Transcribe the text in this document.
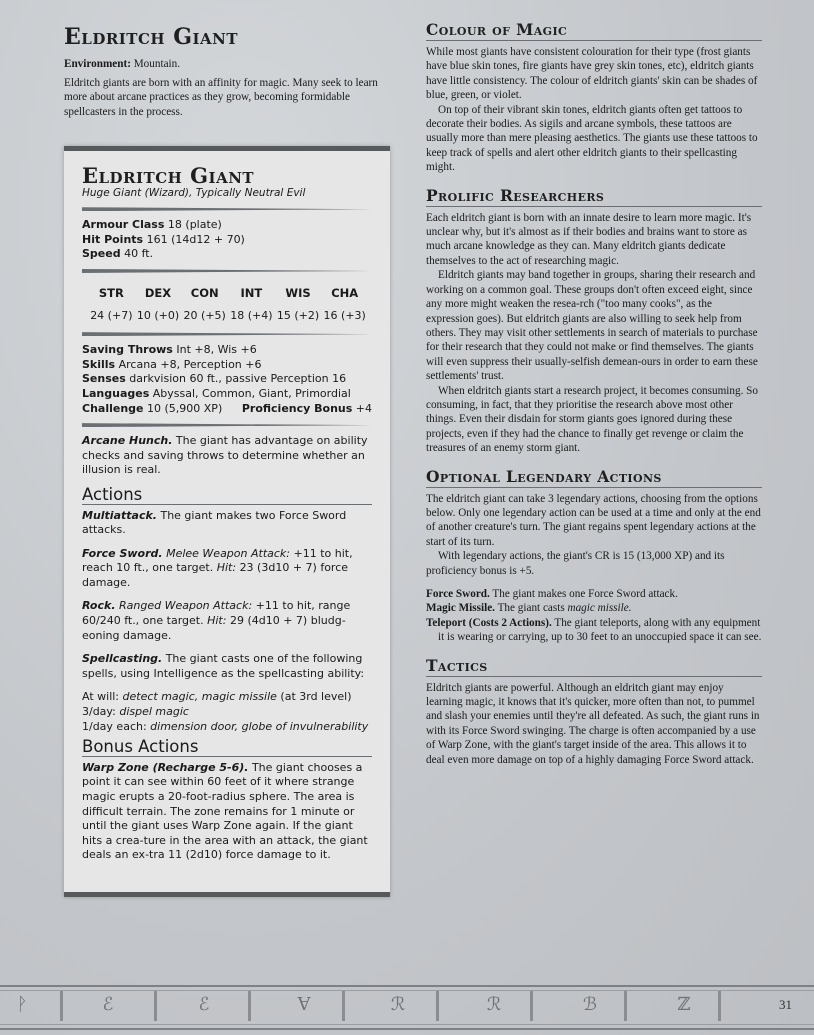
Eldritch Giant

Environment: Mountain.

Eldritch giants are born with an affinity for magic. Many seek to learn more about arcane practices as they grow, becoming formidable spellcasters in the process.

Eldritch Giant
Huge Giant (Wizard), Typically Neutral Evil
Armour Class 18 (plate)
Hit Points 161 (14d12 + 70)
Speed 40 ft.
STR	DEX	CON	INT	WIS	CHA
24 (+7) 10 (+0) 20 (+5) 18 (+4) 15 (+2) 16 (+3)
Saving Throws Int +8, Wis +6
Skills Arcana +8, Perception +6
Senses darkvision 60 ft., passive Perception 16
Languages Abyssal, Common, Giant, Primordial
Challenge 10 (5,900 XP) Proficiency Bonus +4
Arcane Hunch. The giant has advantage on ability checks and saving throws to determine whether an illusion is real.
Actions
Multiattack. The giant makes two Force Sword attacks.
Force Sword. Melee Weapon Attack: +11 to hit, reach 10 ft., one target. Hit: 23 (3d10 + 7) force damage.
Rock. Ranged Weapon Attack: +11 to hit, range 60/240 ft., one target. Hit: 29 (4d10 + 7) bludg-eoning damage.
Spellcasting. The giant casts one of the following spells, using Intelligence as the spellcasting ability:
At will: detect magic, magic missile (at 3rd level)
3/day: dispel magic
1/day each: dimension door, globe of invulnerability
Bonus Actions
Warp Zone (Recharge 5-6). The giant chooses a point it can see within 60 feet of it where strange magic erupts a 20-foot-radius sphere. The area is difficult terrain. The zone remains for 1 minute or until the giant uses Warp Zone again. If the giant hits a crea-ture in the area with an attack, the giant deals an ex-tra 11 (2d10) force damage to it.
Colour of Magic

While most giants have consistent colouration for their type (frost giants have blue skin tones, fire giants have grey skin tones, etc), eldritch giants have little consistency. The colour of eldritch giants' skin can be shades of blue, green, or violet.

On top of their vibrant skin tones, eldritch giants often get tattoos to decorate their bodies. As sigils and arcane symbols, these tattoos are usually more than mere pleasing aesthetics. The giants use these tattoos to keep track of spells and alert other eldritch giants to their spellcasting might.

Prolific Researchers

Each eldritch giant is born with an innate desire to learn more magic. It's unclear why, but it's almost as if their bodies and brains want to store as much arcane knowledge as they can. Many eldritch giants dedicate themselves to the act of researching magic.

Eldritch giants may band together in groups, sharing their research and working on a common goal. These groups don't often exceed eight, since any more might weaken the resea-rch ("too many cooks", as the expression goes). But eldritch giants are also willing to seek help from others. They may visit other settlements in search of materials to purchase for their research that they could not make or find themselves. The giants will even suppress their usually-selfish demean-ours in order to earn these settlements' trust.

When eldritch giants start a research project, it becomes consuming. So consuming, in fact, that they prioritise the research above most other things. Even their disdain for storm giants goes ignored during these projects, even if they had the chance to finally get revenge or claim the treasures of an enemy storm giant.

Optional Legendary Actions

The eldritch giant can take 3 legendary actions, choosing from the options below. Only one legendary action can be used at a time and only at the end of another creature's turn. The giant regains spent legendary actions at the start of its turn.

With legendary actions, the giant's CR is 15 (13,000 XP) and its proficiency bonus is +5.

Force Sword. The giant makes one Force Sword attack.

Magic Missile. The giant casts magic missile.

Teleport (Costs 2 Actions). The giant teleports, along with any equipment it is wearing or carrying, up to 30 feet to an unoccupied space it can see.

Tactics

Eldritch giants are powerful. Although an eldritch giant may enjoy learning magic, it knows that it's quicker, more often than not, to pummel and slash your enemies until they're all defeated. As such, the giant runs in with its Force Sword swinging. The charge is often accompanied by a use of Warp Zone, with the giant's target inside of the area. This allows it to deal even more damage on top of a highly damaging Force Sword attack.

ᚹ	ℰ	ℰ	Ɐ	ℛ	ℛ	ℬ	ℤ	31
